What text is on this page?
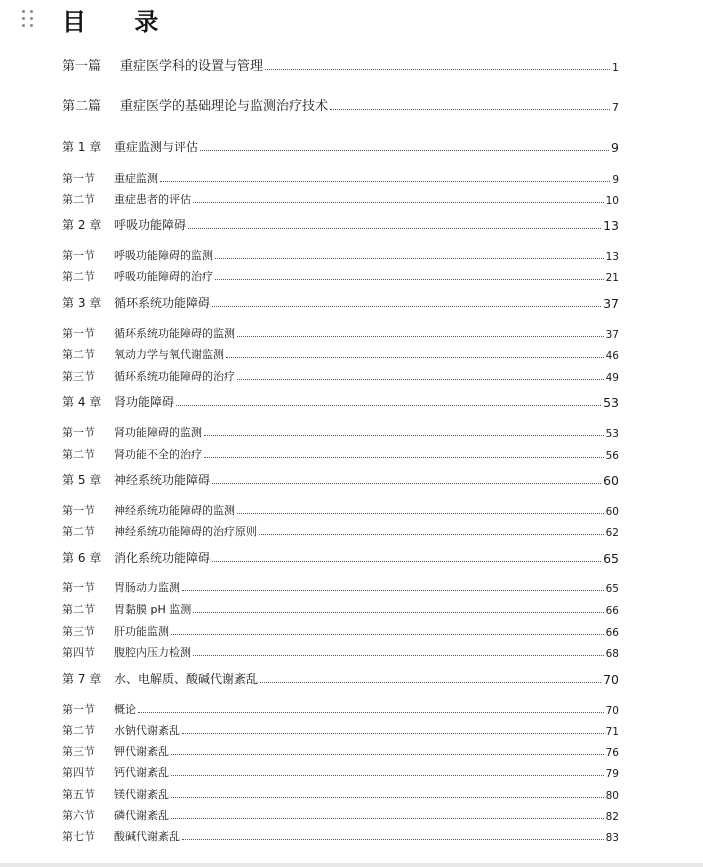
目 录
第一篇 重症医学科的设置与管理	1
第二篇 重症医学的基础理论与监测治疗技术	7
第 1 章 重症监测与评估	9
第一节 重症监测	9
第二节 重症患者的评估	10
第 2 章 呼吸功能障碍	13
第一节 呼吸功能障碍的监测	13
第二节 呼吸功能障碍的治疗	21
第 3 章 循环系统功能障碍	37
第一节 循环系统功能障碍的监测	37
第二节 氧动力学与氧代谢监测	46
第三节 循环系统功能障碍的治疗	49
第 4 章 肾功能障碍	53
第一节 肾功能障碍的监测	53
第二节 肾功能不全的治疗	56
第 5 章 神经系统功能障碍	60
第一节 神经系统功能障碍的监测	60
第二节 神经系统功能障碍的治疗原则	62
第 6 章 消化系统功能障碍	65
第一节 胃肠动力监测	65
第二节 胃黏膜 pH 监测	66
第三节 肝功能监测	66
第四节 腹腔内压力检测	68
第 7 章 水、电解质、酸碱代谢紊乱	70
第一节 概论	70
第二节 水钠代谢紊乱	71
第三节 钾代谢紊乱	76
第四节 钙代谢紊乱	79
第五节 镁代谢紊乱	80
第六节 磷代谢紊乱	82
第七节 酸碱代谢紊乱	83
